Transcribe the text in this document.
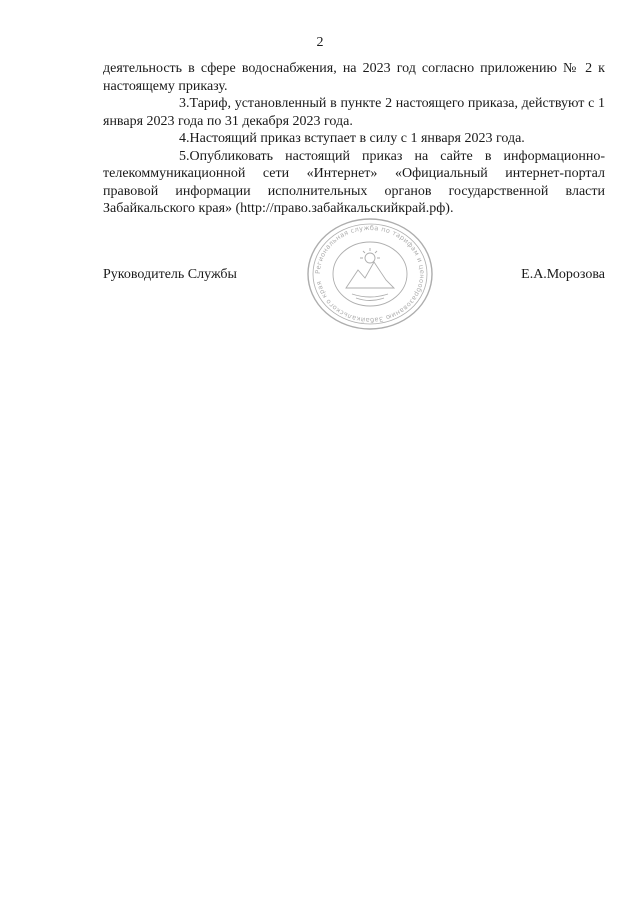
2

деятельность в сфере водоснабжения, на 2023 год согласно приложению № 2 к настоящему приказу.

3.Тариф, установленный в пункте 2 настоящего приказа, действуют с 1 января 2023 года по 31 декабря 2023 года.

4.Настоящий приказ вступает в силу с 1 января 2023 года.

5.Опубликовать настоящий приказ на сайте в информационно-телекоммуникационной сети «Интернет» «Официальный интернет-портал правовой информации исполнительных органов государственной власти Забайкальского края» (http://право.забайкальскийкрай.рф).

Руководитель Службы	Е.А.Морозова
Региональная служба по тарифам и ценообразованию Забайкальского края
